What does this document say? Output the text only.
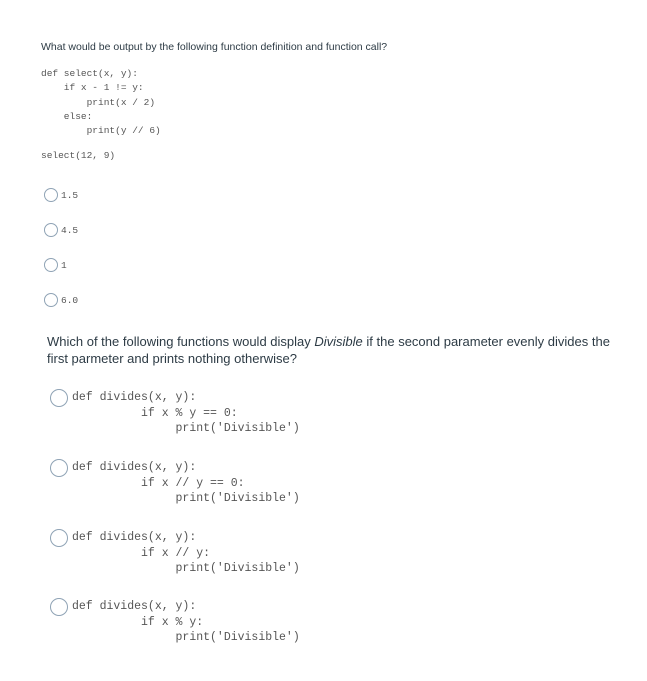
What would be output by the following function definition and function call?
def select(x, y):
if x - 1 != y:
print(x / 2)
else:
print(y // 6)
select(12, 9)
1.5
4.5
1
6.0
Which of the following functions would display Divisible if the second parameter evenly divides the first parmeter and prints nothing otherwise?
def divides(x, y):
if x % y == 0:
print('Divisible')
def divides(x, y):
if x // y == 0:
print('Divisible')
def divides(x, y):
if x // y:
print('Divisible')
def divides(x, y):
if x % y:
print('Divisible')
